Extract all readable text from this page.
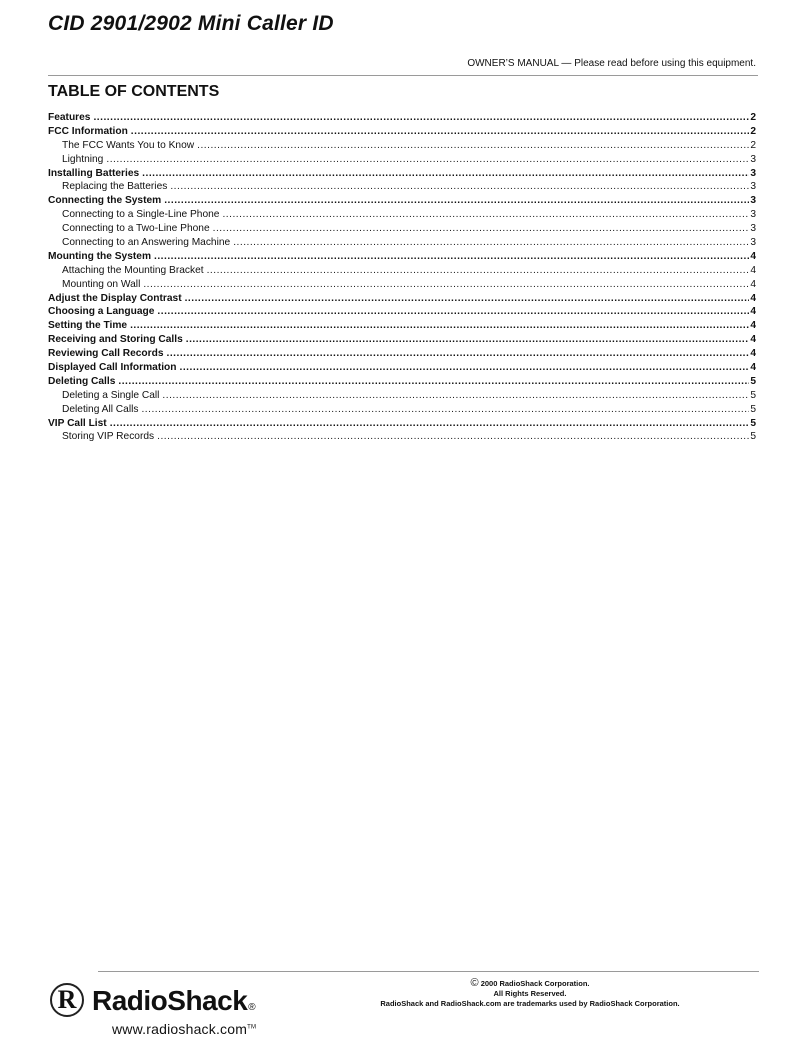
CID 2901/2902 Mini Caller ID
OWNER’S MANUAL — Please read before using this equipment.
TABLE OF CONTENTS
Features .....	2
FCC Information .....	2
The FCC Wants You to Know .....	2
Lightning .....	3
Installing Batteries .....	3
Replacing the Batteries .....	3
Connecting the System .....	3
Connecting to a Single-Line Phone .....	3
Connecting to a Two-Line Phone .....	3
Connecting to an Answering Machine .....	3
Mounting the System .....	4
Attaching the Mounting Bracket .....	4
Mounting on Wall .....	4
Adjust the Display Contrast .....	4
Choosing a Language .....	4
Setting the Time .....	4
Receiving and Storing Calls .....	4
Reviewing Call Records .....	4
Displayed Call Information .....	4
Deleting Calls .....	5
Deleting a Single Call .....	5
Deleting All Calls .....	5
VIP Call List .....	5
Storing VIP Records .....	5
R RadioShack®
www.radioshack.com™
© 2000 RadioShack Corporation.
All Rights Reserved.
RadioShack and RadioShack.com are trademarks used by RadioShack Corporation.
